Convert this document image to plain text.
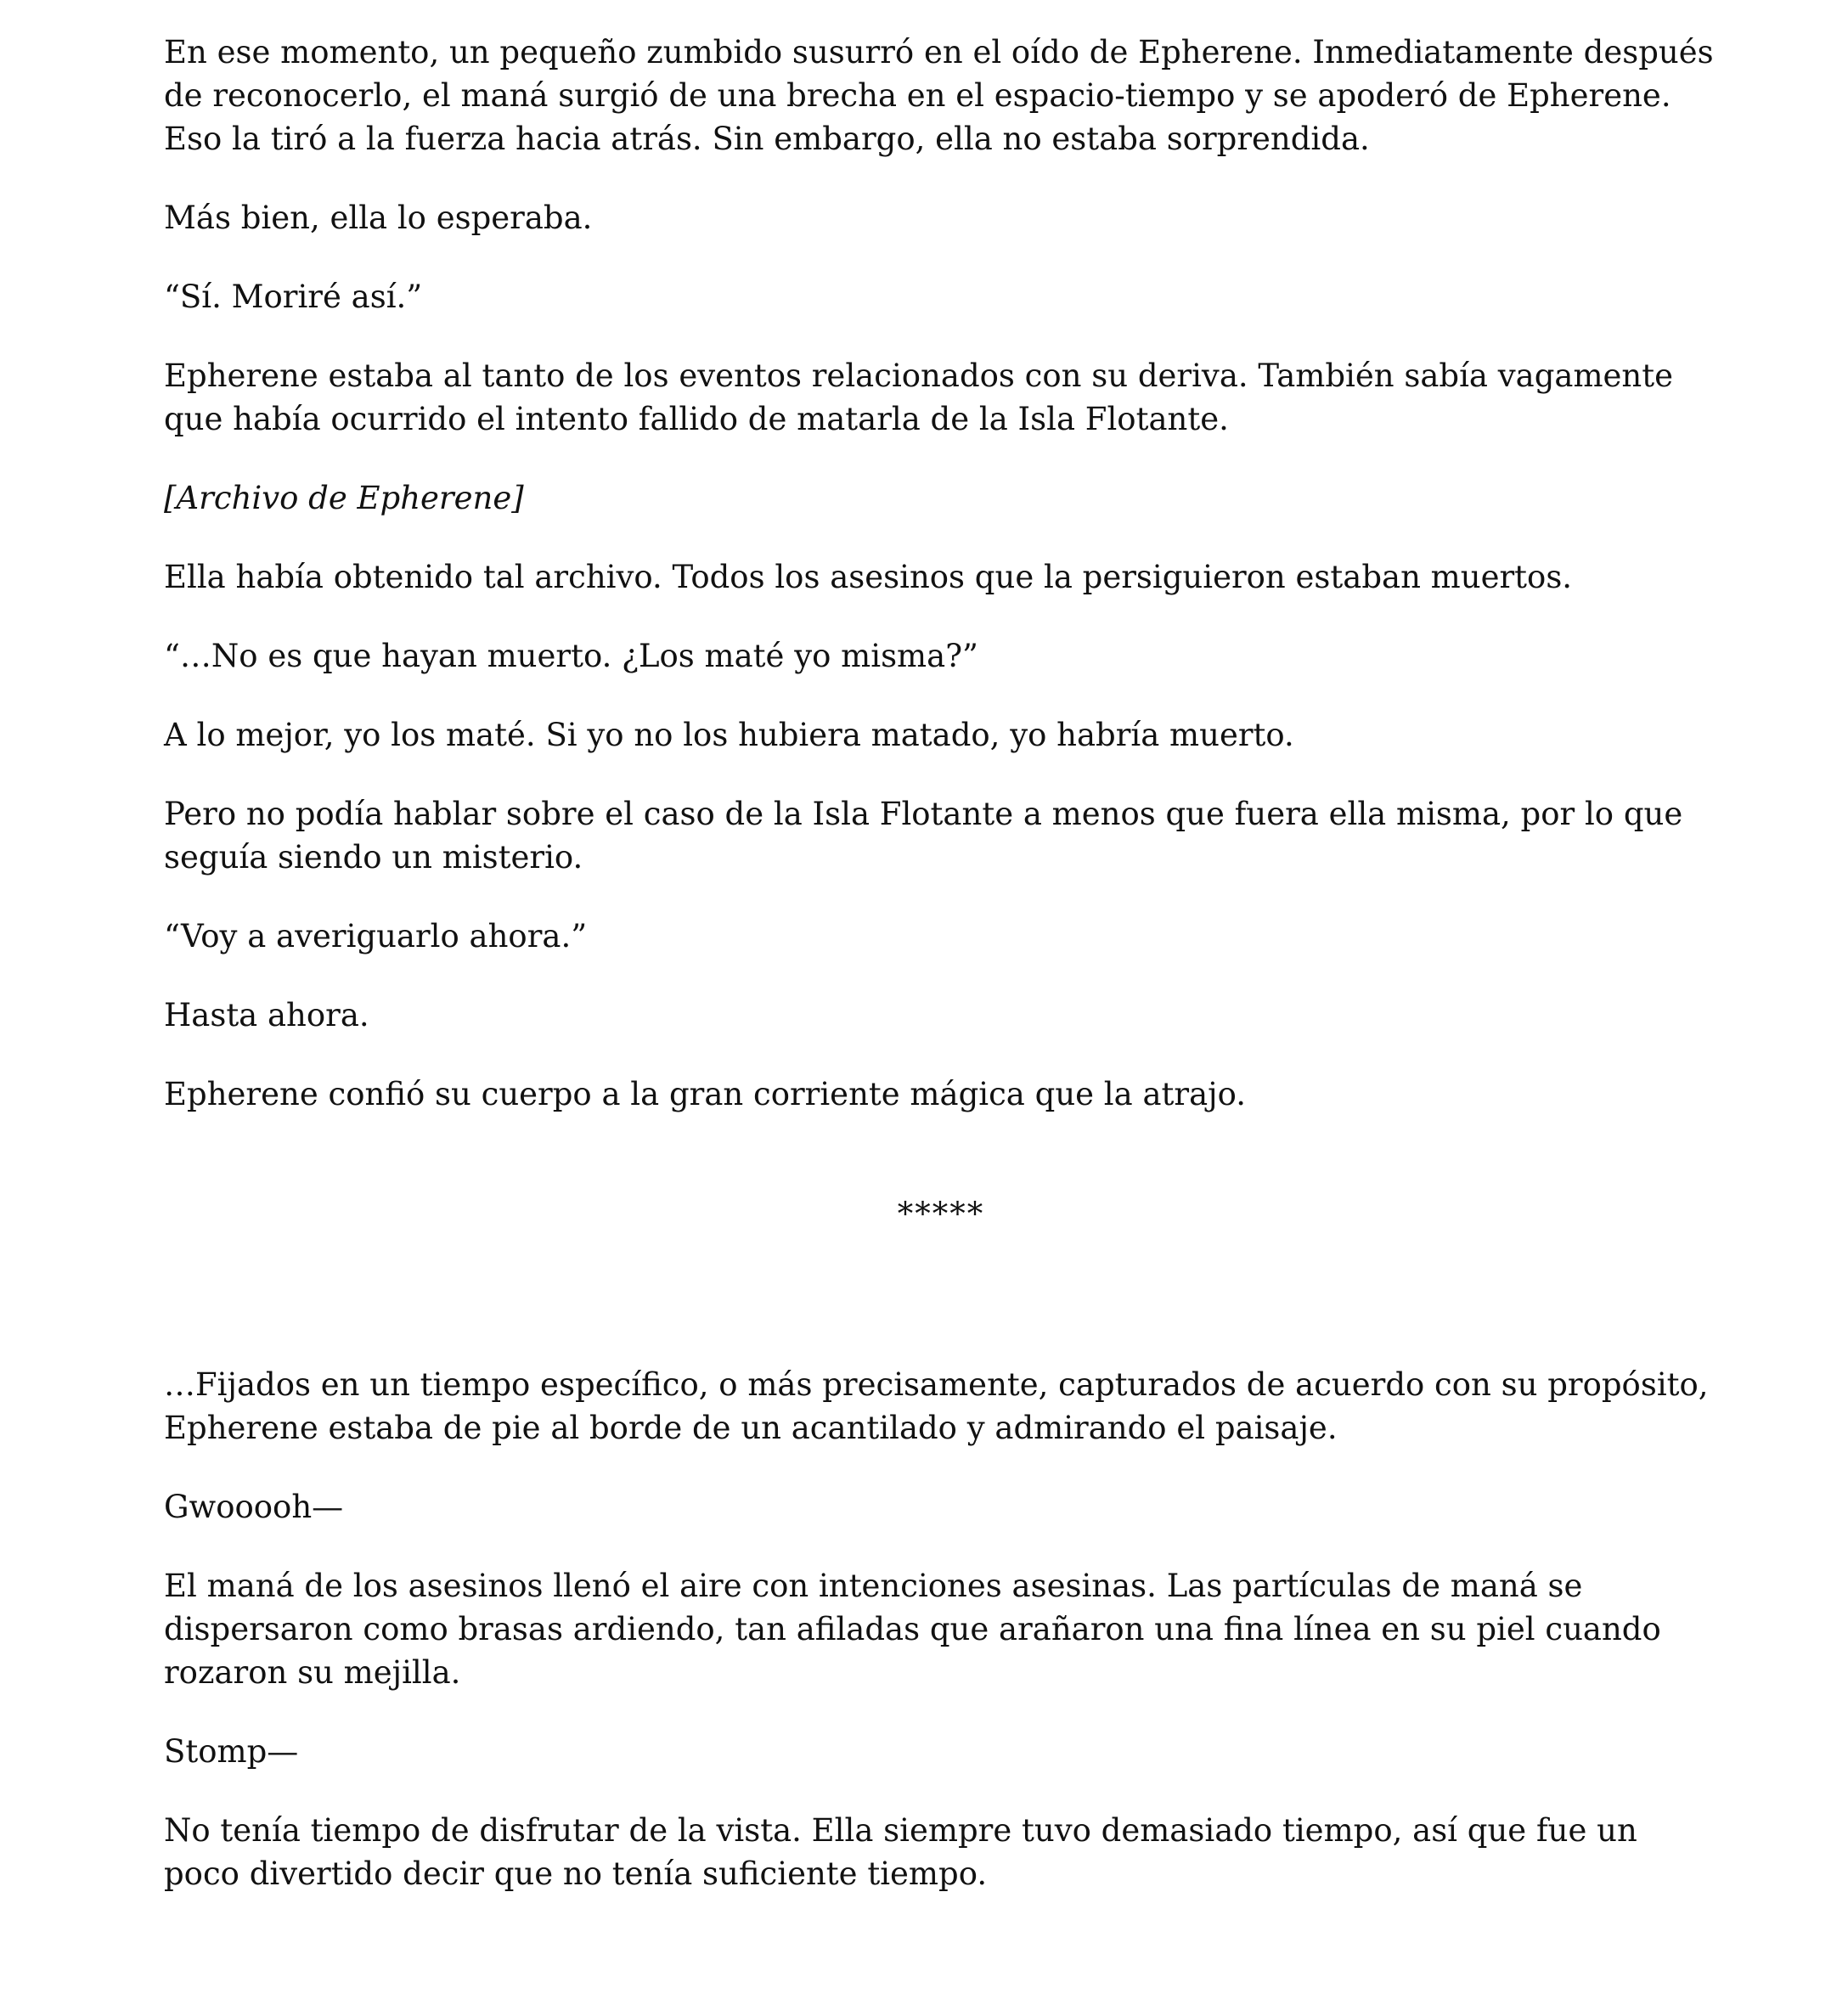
En ese momento, un pequeño zumbido susurró en el oído de Epherene. Inmediatamente después de reconocerlo, el maná surgió de una brecha en el espacio-tiempo y se apoderó de Epherene. Eso la tiró a la fuerza hacia atrás. Sin embargo, ella no estaba sorprendida.

Más bien, ella lo esperaba.

“Sí. Moriré así.”

Epherene estaba al tanto de los eventos relacionados con su deriva. También sabía vagamente que había ocurrido el intento fallido de matarla de la Isla Flotante.

[Archivo de Epherene]

Ella había obtenido tal archivo. Todos los asesinos que la persiguieron estaban muertos.

“…No es que hayan muerto. ¿Los maté yo misma?”

A lo mejor, yo los maté. Si yo no los hubiera matado, yo habría muerto.

Pero no podía hablar sobre el caso de la Isla Flotante a menos que fuera ella misma, por lo que seguía siendo un misterio.

“Voy a averiguarlo ahora.”

Hasta ahora.

Epherene confió su cuerpo a la gran corriente mágica que la atrajo.

*****

…Fijados en un tiempo específico, o más precisamente, capturados de acuerdo con su propósito, Epherene estaba de pie al borde de un acantilado y admirando el paisaje.

Gwooooh—

El maná de los asesinos llenó el aire con intenciones asesinas. Las partículas de maná se dispersaron como brasas ardiendo, tan afiladas que arañaron una fina línea en su piel cuando rozaron su mejilla.

Stomp—

No tenía tiempo de disfrutar de la vista. Ella siempre tuvo demasiado tiempo, así que fue un poco divertido decir que no tenía suficiente tiempo.
